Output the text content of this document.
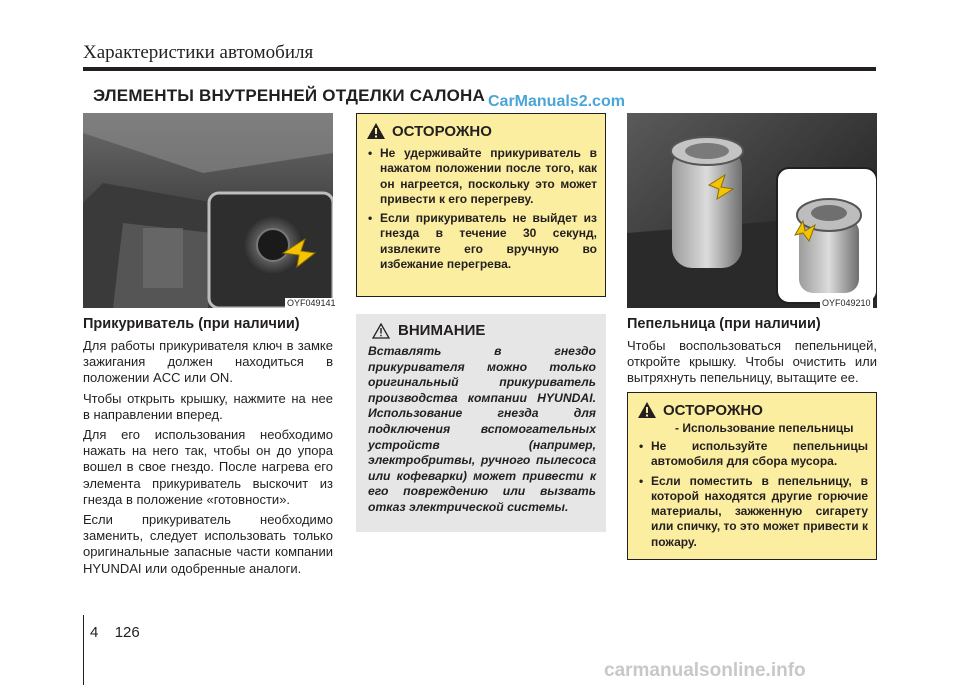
Характеристики автомобиля
ЭЛЕМЕНТЫ ВНУТРЕННЕЙ ОТДЕЛКИ САЛОНА CarManuals2.com
OYF049141
Прикуриватель (при наличии)

Для работы прикуривателя ключ в замке зажигания должен находиться в положении ACC или ON.

Чтобы открыть крышку, нажмите на нее в направлении вперед.

Для его использования необходимо нажать на него так, чтобы он до упора вошел в свое гнездо. После нагрева его элемента прикуриватель выскочит из гнезда в положение «готовности».

Если прикуриватель необходимо заменить, следует использовать только оригинальные запасные части компании HYUNDAI или одобренные аналоги.

ОСТОРОЖНО
• Не удерживайте прикуриватель в нажатом положении после того, как он нагреется, поскольку это может привести к его перегреву.
• Если прикуриватель не выйдет из гнезда в течение 30 секунд, извлеките его вручную во избежание перегрева.
ВНИМАНИЕ
Вставлять в гнездо прикуривателя можно только оригинальный прикуриватель производства компании HYUNDAI. Использование гнезда для подключения вспомогательных устройств (например, электробритвы, ручного пылесоса или кофеварки) может привести к его повреждению или вызвать отказ электрической системы.
OYF049210
Пепельница (при наличии)

Чтобы воспользоваться пепельницей, откройте крышку. Чтобы очистить или вытряхнуть пепельницу, вытащите ее.

ОСТОРОЖНО
- Использование пепельницы
• Не используйте пепельницы автомобиля для сбора мусора.
• Если поместить в пепельницу, в которой находятся другие горючие материалы, зажженную сигарету или спичку, то это может привести к пожару.
4 126
carmanualsonline.info
